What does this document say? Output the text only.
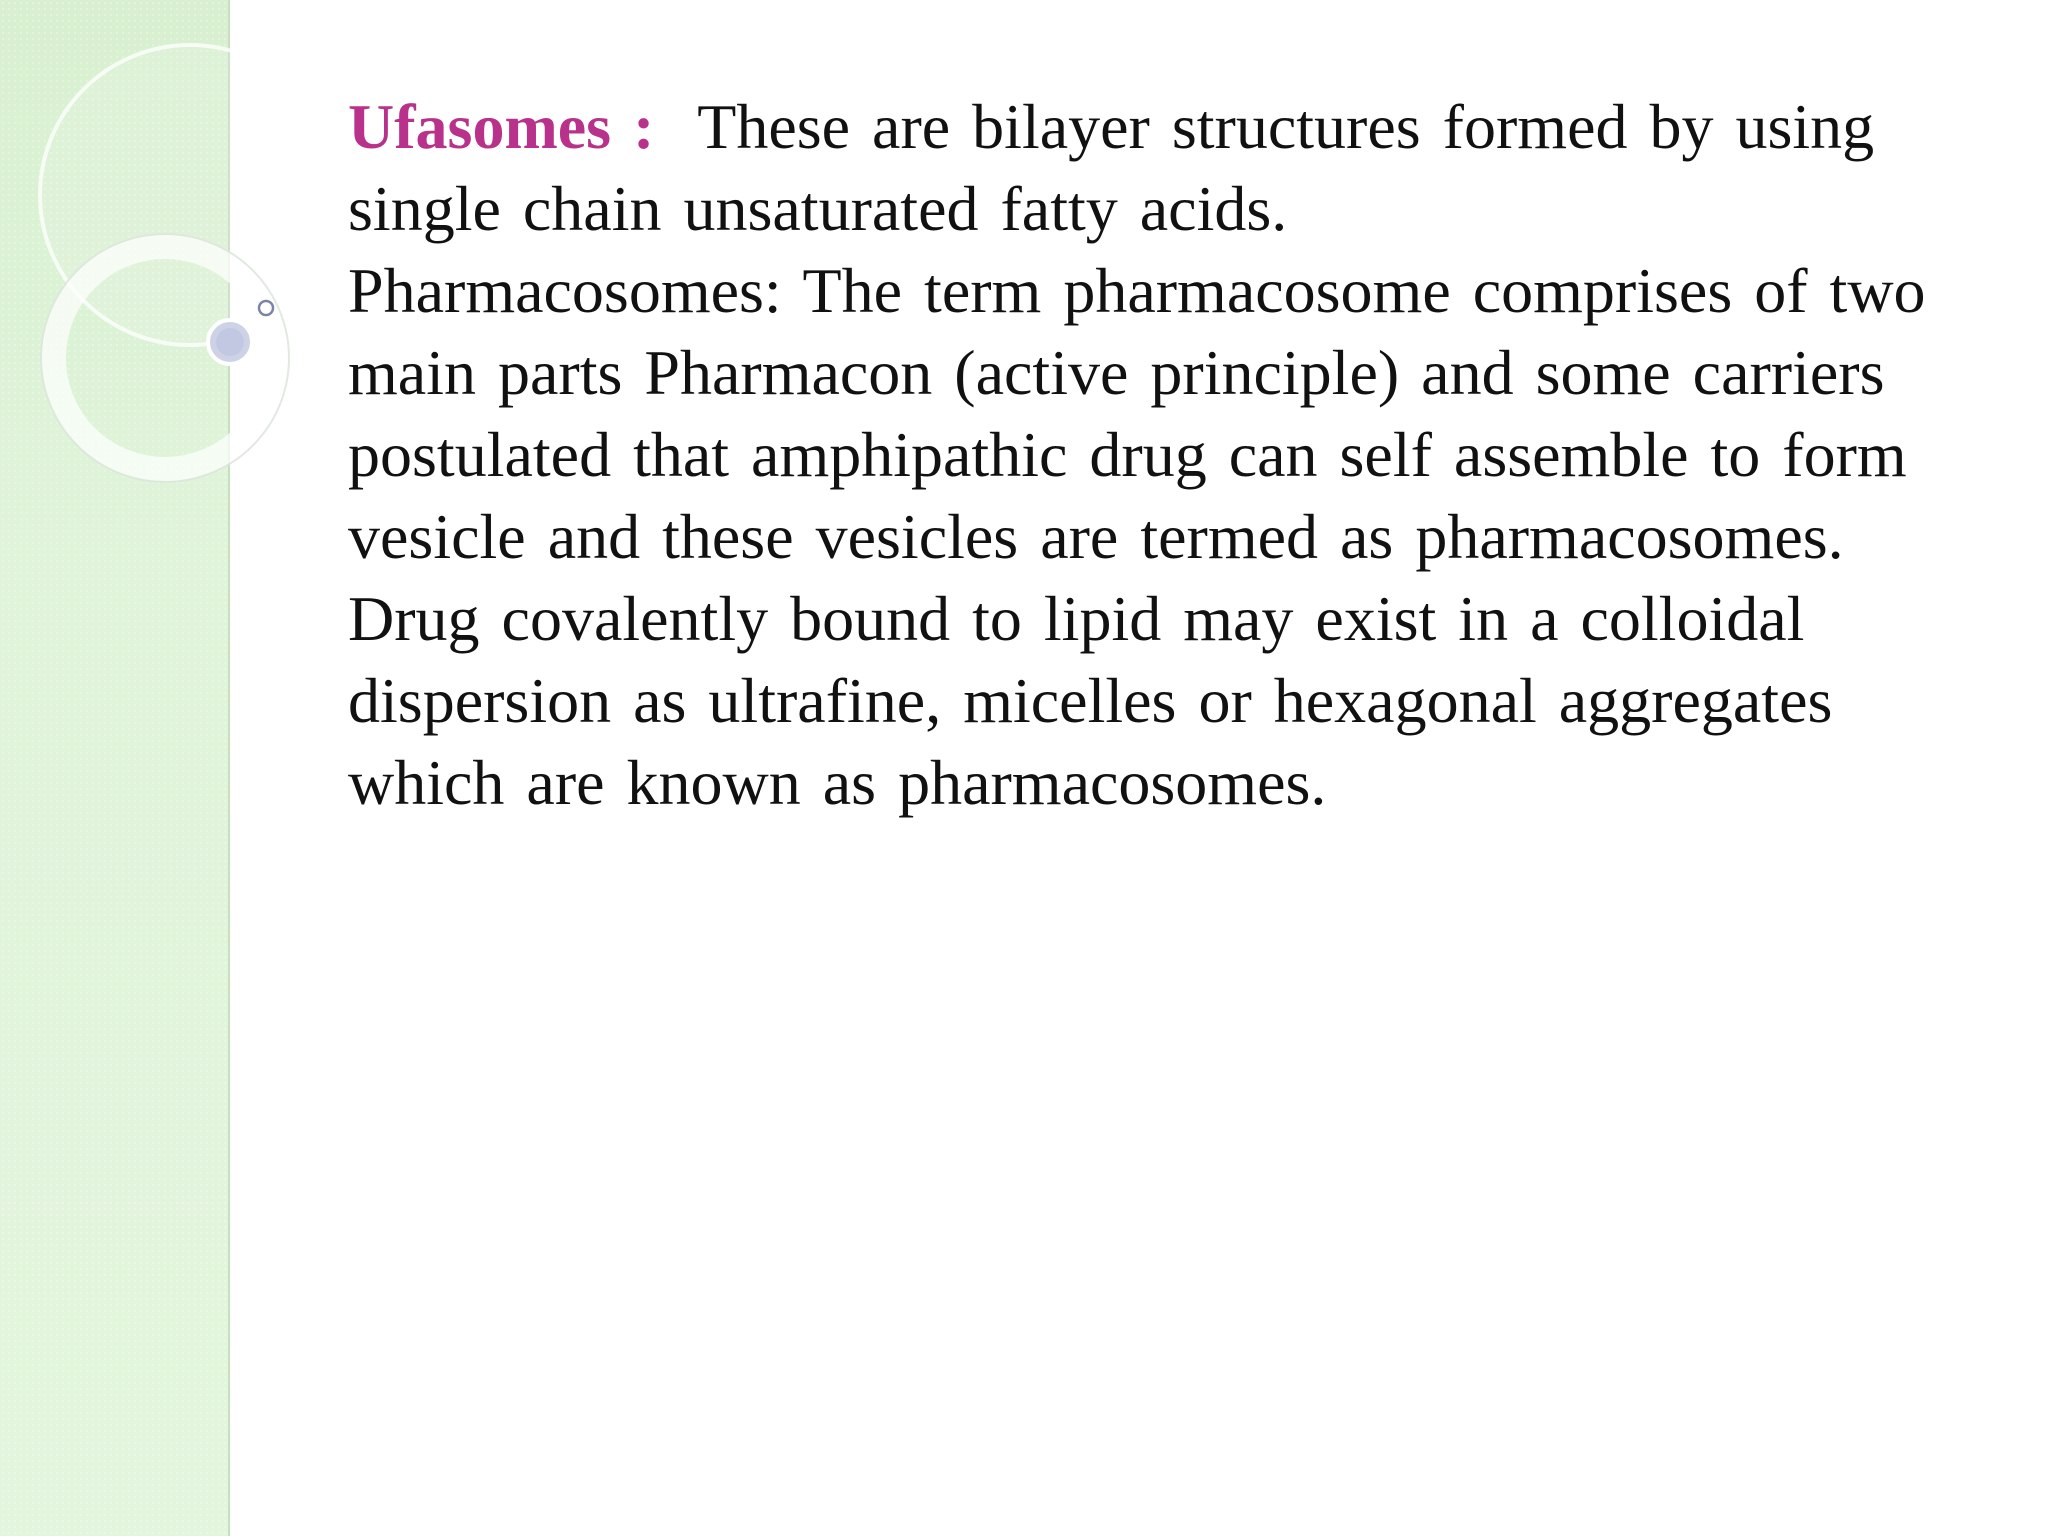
Ufasomes : These are bilayer structures formed by using single chain unsaturated fatty acids.

Pharmacosomes: The term pharmacosome comprises of two main parts Pharmacon (active principle) and some carriers postulated that amphipathic drug can self assemble to form vesicle and these vesicles are termed as pharmacosomes. Drug covalently bound to lipid may exist in a colloidal dispersion as ultrafine, micelles or hexagonal aggregates which are known as pharmacosomes.
